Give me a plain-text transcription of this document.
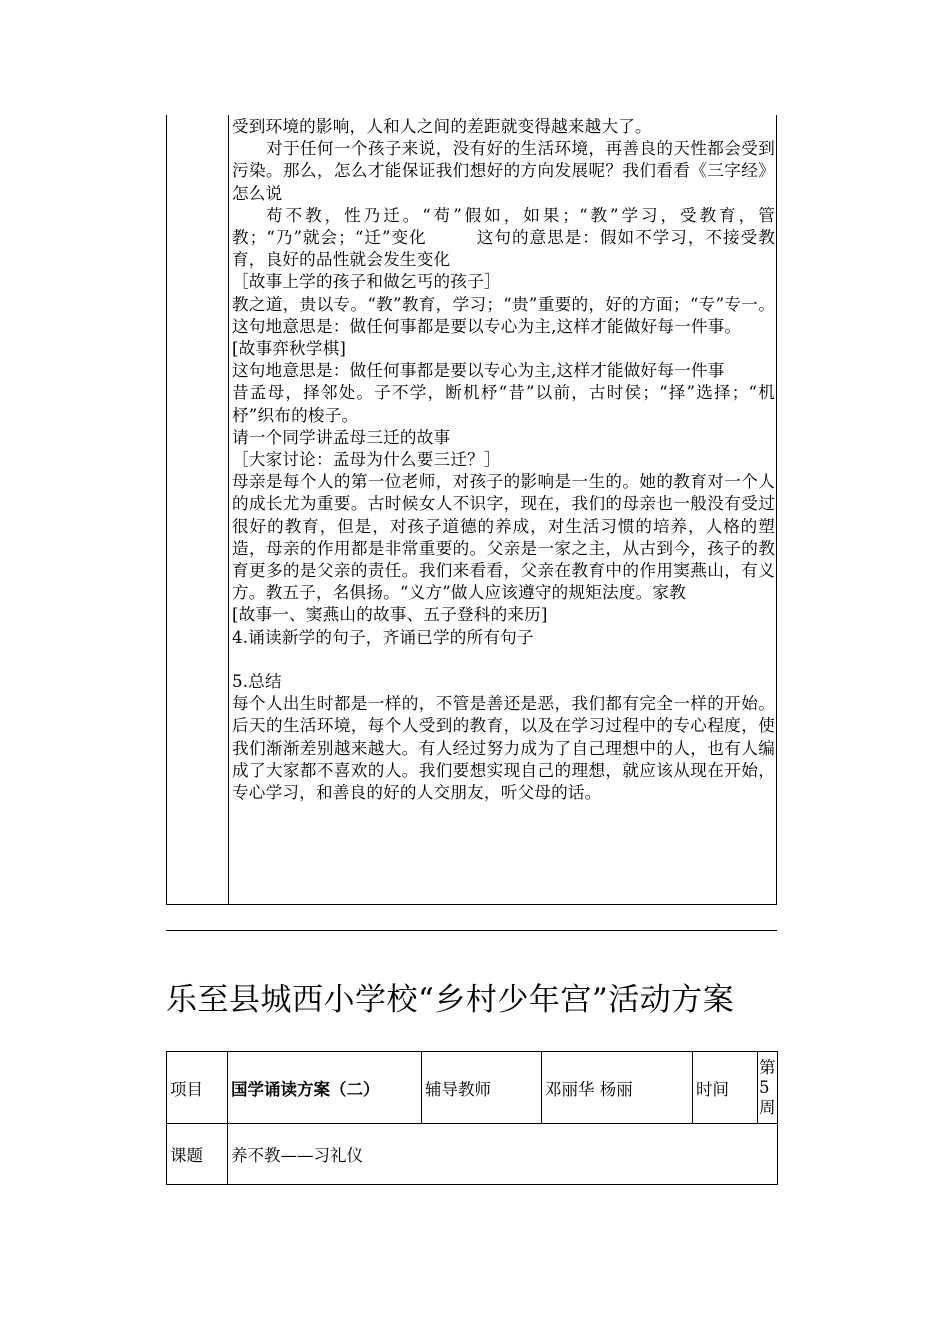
受到环境的影响，人和人之间的差距就变得越来越大了。

对于任何一个孩子来说，没有好的生活环境，再善良的天性都会受到污染。那么，怎么才能保证我们想好的方向发展呢？我们看看《三字经》怎么说

苟不教，性乃迁。“苟”假如，如果；“教”学习，受教育，管教；“乃”就会；“迁”变化        这句的意思是：假如不学习，不接受教育，良好的品性就会发生变化

［故事上学的孩子和做乞丐的孩子］

教之道，贵以专。“教”教育，学习；“贵”重要的，好的方面；“专”专一。这句地意思是：做任何事都是要以专心为主,这样才能做好每一件事。

[故事弈秋学棋]

这句地意思是：做任何事都是要以专心为主,这样才能做好每一件事

昔孟母，择邻处。子不学，断机杼“昔”以前，古时侯；“择”选择；“机杼”织布的梭子。

请一个同学讲孟母三迁的故事

［大家讨论：孟母为什么要三迁？］

母亲是每个人的第一位老师，对孩子的影响是一生的。她的教育对一个人的成长尤为重要。古时候女人不识字，现在，我们的母亲也一般没有受过很好的教育，但是，对孩子道德的养成，对生活习惯的培养，人格的塑造，母亲的作用都是非常重要的。父亲是一家之主，从古到今，孩子的教育更多的是父亲的责任。我们来看看，父亲在教育中的作用窦燕山，有义方。教五子，名俱扬。“义方”做人应该遵守的规矩法度。家教

[故事一、窦燕山的故事、五子登科的来历]

4.诵读新学的句子，齐诵已学的所有句子

5.总结

每个人出生时都是一样的，不管是善还是恶，我们都有完全一样的开始。后天的生活环境，每个人受到的教育，以及在学习过程中的专心程度，使我们渐渐差别越来越大。有人经过努力成为了自己理想中的人，也有人编成了大家都不喜欢的人。我们要想实现自己的理想，就应该从现在开始，专心学习，和善良的好的人交朋友，听父母的话。

乐至县城西小学校“乡村少年宫”活动方案
项目	国学诵读方案（二）	辅导教师	邓丽华 杨丽	时间	第5周
课题	养不教——习礼仪				
